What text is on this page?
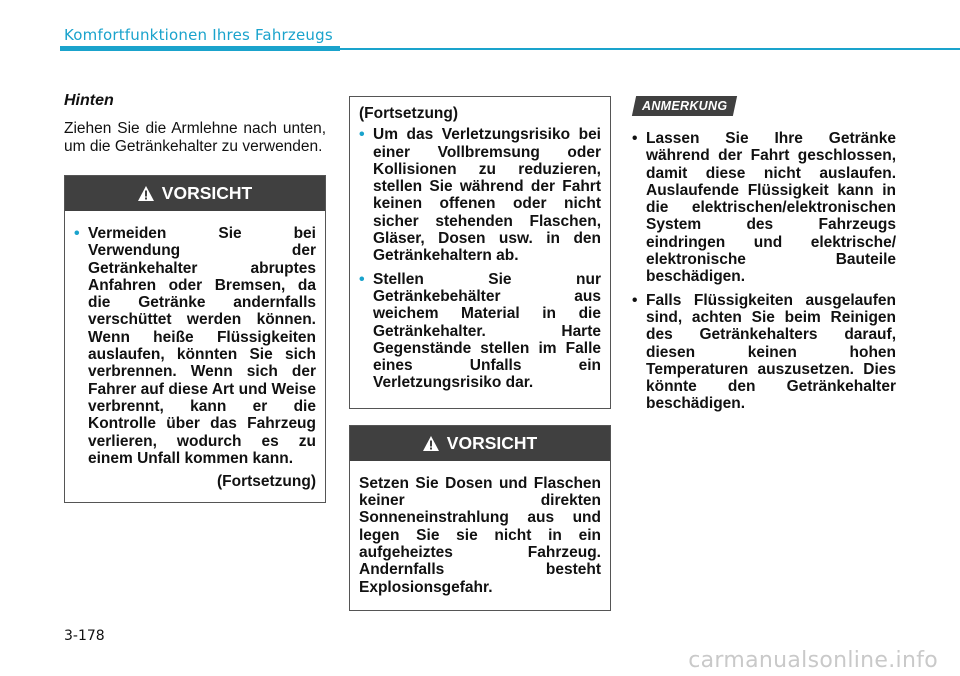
Komfortfunktionen Ihres Fahrzeugs
Hinten

Ziehen Sie die Armlehne nach unten, um die Getränkehalter zu verwenden.

VORSICHT
• Vermeiden Sie bei Verwendung der Getränkehalter abruptes Anfahren oder Bremsen, da die Getränke andernfalls verschüttet werden können. Wenn heiße Flüssigkeiten auslaufen, könnten Sie sich verbrennen. Wenn sich der Fahrer auf diese Art und Weise verbrennt, kann er die Kontrolle über das Fahrzeug verlieren, wodurch es zu einem Unfall kommen kann.
(Fortsetzung)
(Fortsetzung)
• Um das Verletzungsrisiko bei einer Vollbremsung oder Kollisionen zu reduzieren, stellen Sie während der Fahrt keinen offenen oder nicht sicher stehenden Flaschen, Gläser, Dosen usw. in den Getränkehaltern ab.
• Stellen Sie nur Getränkebehälter aus weichem Material in die Getränkehalter. Harte Gegenstände stellen im Falle eines Unfalls ein Verletzungsrisiko dar.
VORSICHT

Setzen Sie Dosen und Flaschen keiner direkten Sonneneinstrahlung aus und legen Sie sie nicht in ein aufgeheiztes Fahrzeug. Andernfalls besteht Explosionsgefahr.

ANMERKUNG
• Lassen Sie Ihre Getränke während der Fahrt geschlossen, damit diese nicht auslaufen. Auslaufende Flüssigkeit kann in die elektrischen/elektronischen System des Fahrzeugs eindringen und elektrische/ elektronische Bauteile beschädigen.
• Falls Flüssigkeiten ausgelaufen sind, achten Sie beim Reinigen des Getränkehalters darauf, diesen keinen hohen Temperaturen auszusetzen. Dies könnte den Getränkehalter beschädigen.
3-178
carmanualsonline.info
